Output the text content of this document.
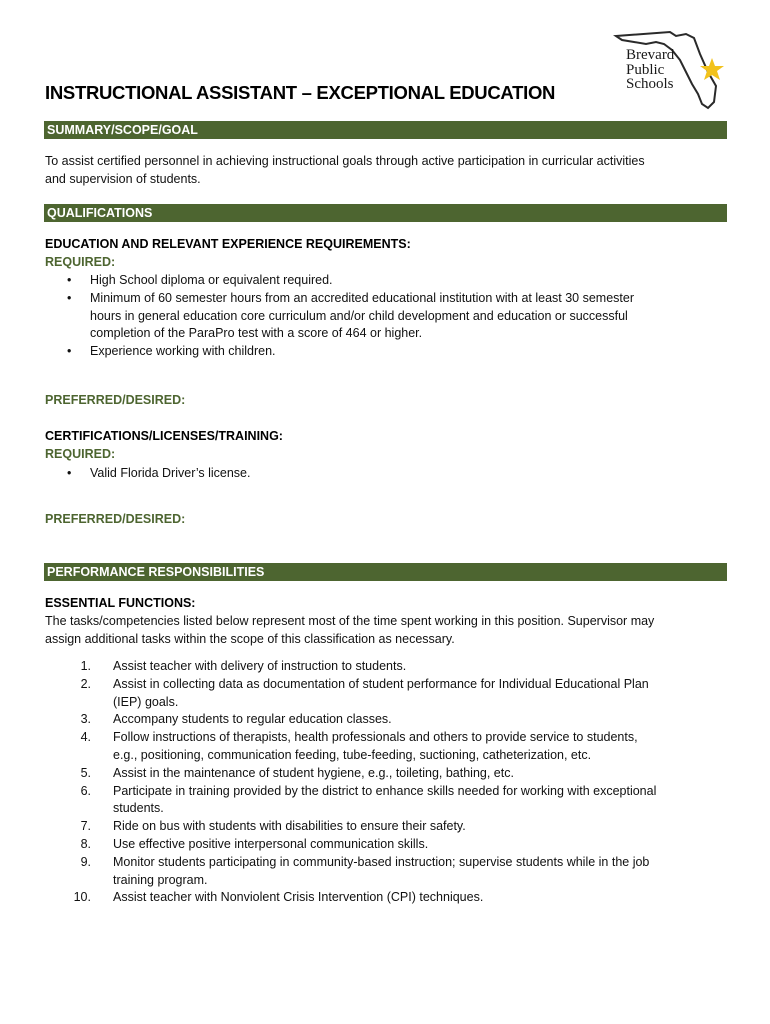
Brevard
Public
Schools
INSTRUCTIONAL ASSISTANT – EXCEPTIONAL EDUCATION
SUMMARY/SCOPE/GOAL
To assist certified personnel in achieving instructional goals through active participation in curricular activities
and supervision of students.
QUALIFICATIONS
EDUCATION AND RELEVANT EXPERIENCE REQUIREMENTS:
REQUIRED:
• High School diploma or equivalent required.
• Minimum of 60 semester hours from an accredited educational institution with at least 30 semester
hours in general education core curriculum and/or child development and education or successful
completion of the ParaPro test with a score of 464 or higher.
• Experience working with children.
PREFERRED/DESIRED:
CERTIFICATIONS/LICENSES/TRAINING:
REQUIRED:
• Valid Florida Driver’s license.
PREFERRED/DESIRED:
PERFORMANCE RESPONSIBILITIES
ESSENTIAL FUNCTIONS:
The tasks/competencies listed below represent most of the time spent working in this position. Supervisor may
assign additional tasks within the scope of this classification as necessary.
1. Assist teacher with delivery of instruction to students.
2. Assist in collecting data as documentation of student performance for Individual Educational Plan
(IEP) goals.
3. Accompany students to regular education classes.
4. Follow instructions of therapists, health professionals and others to provide service to students,
e.g., positioning, communication feeding, tube-feeding, suctioning, catheterization, etc.
5. Assist in the maintenance of student hygiene, e.g., toileting, bathing, etc.
6. Participate in training provided by the district to enhance skills needed for working with exceptional
students.
7. Ride on bus with students with disabilities to ensure their safety.
8. Use effective positive interpersonal communication skills.
9. Monitor students participating in community-based instruction; supervise students while in the job
training program.
10. Assist teacher with Nonviolent Crisis Intervention (CPI) techniques.
